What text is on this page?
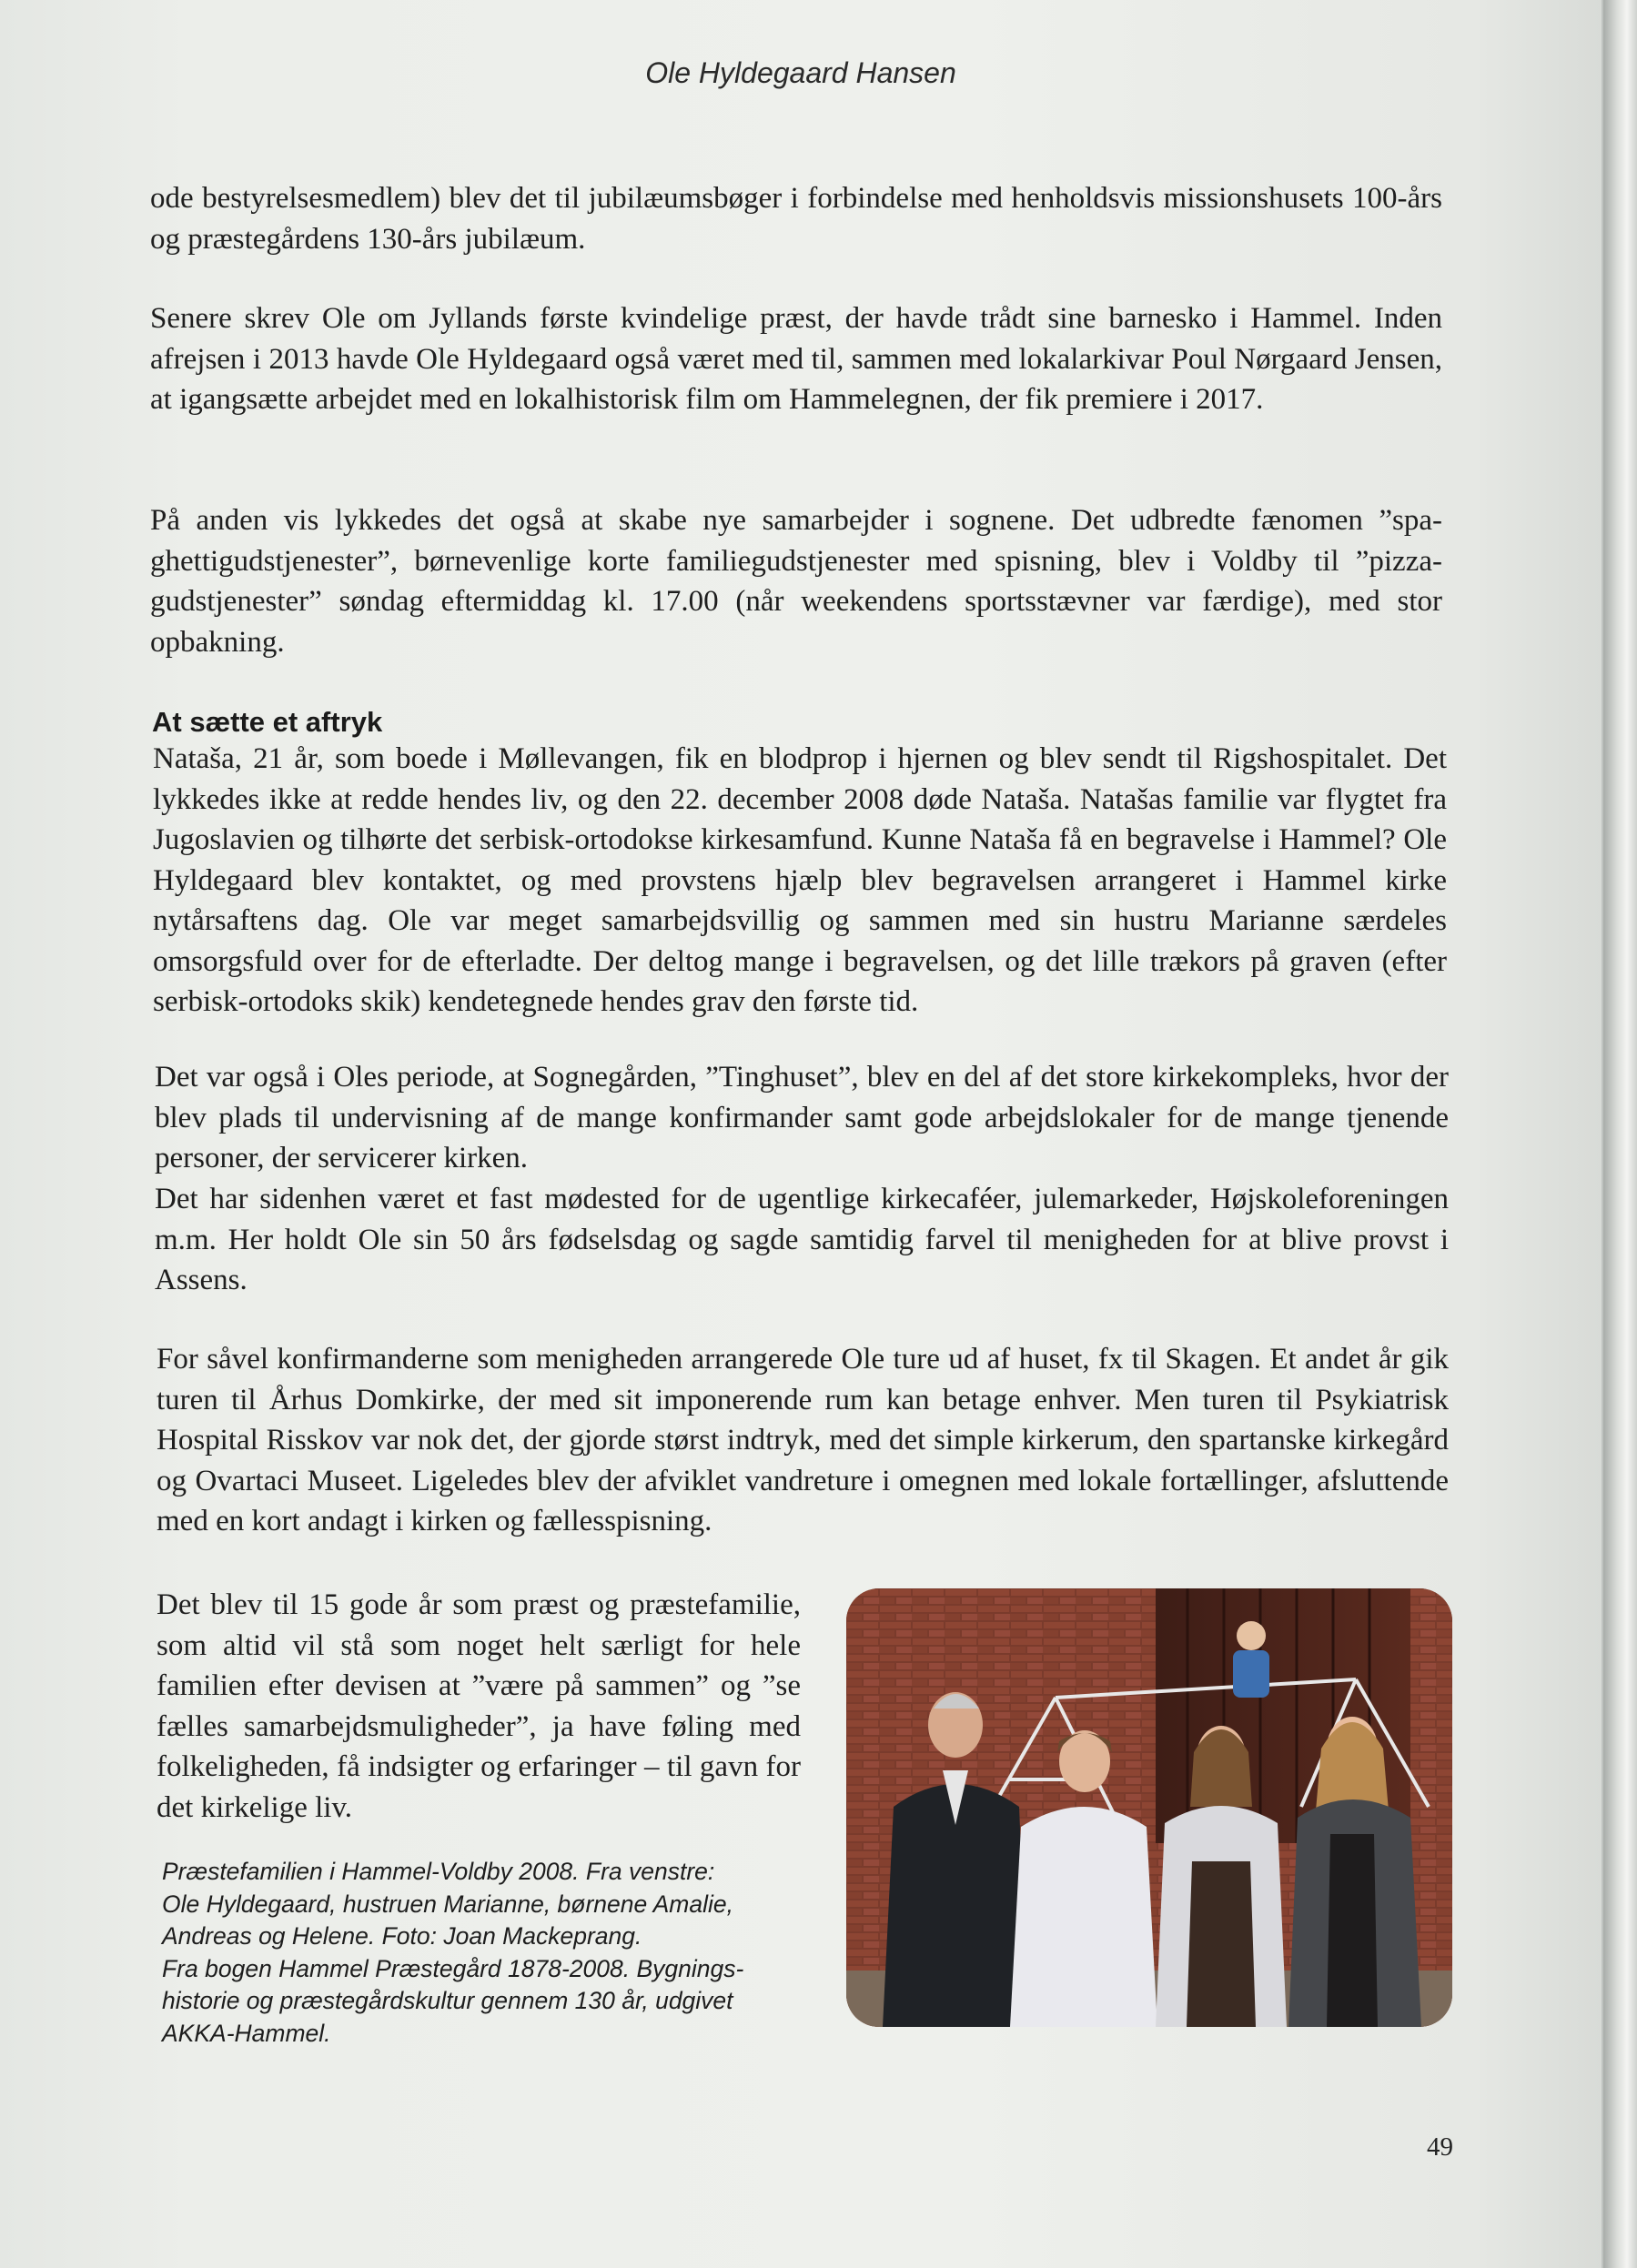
Ole Hyldegaard Hansen

ode bestyrelsesmedlem) blev det til jubilæumsbøger i forbindelse med henholdsvis missionshusets 100-års og præstegårdens 130-års jubilæum.

Senere skrev Ole om Jyllands første kvindelige præst, der havde trådt sine barnesko i Hammel. Inden afrejsen i 2013 havde Ole Hyldegaard også været med til, sammen med lokalarkivar Poul Nørgaard Jensen, at igangsætte arbejdet med en lokalhistorisk film om Hammelegnen, der fik premiere i 2017.

På anden vis lykkedes det også at skabe nye samarbejder i sognene. Det udbredte fænomen ”spaghettigudstjenester”, børnevenlige korte familiegudstjenester med spisning, blev i Voldby til ”pizzagudstjenester” søndag eftermiddag kl. 17.00 (når weekendens sportsstævner var færdige), med stor opbakning.

At sætte et aftryk

Nataša, 21 år, som boede i Møllevangen, fik en blodprop i hjernen og blev sendt til Rigshospitalet. Det lykkedes ikke at redde hendes liv, og den 22. december 2008 døde Nataša. Natašas familie var flygtet fra Jugoslavien og tilhørte det serbisk-ortodokse kirkesamfund. Kunne Nataša få en begravelse i Hammel? Ole Hyldegaard blev kontaktet, og med provstens hjælp blev begravelsen arrangeret i Hammel kirke nytårsaftens dag. Ole var meget samarbejdsvillig og sammen med sin hustru Marianne særdeles omsorgsfuld over for de efterladte. Der deltog mange i begravelsen, og det lille trækors på graven (efter serbisk-ortodoks skik) kendetegnede hendes grav den første tid.

Det var også i Oles periode, at Sognegården, ”Tinghuset”, blev en del af det store kirkekompleks, hvor der blev plads til undervisning af de mange konfirmander samt gode arbejdslokaler for de mange tjenende personer, der servicerer kirken.

Det har sidenhen været et fast mødested for de ugentlige kirkecaféer, julemarkeder, Højskoleforeningen m.m. Her holdt Ole sin 50 års fødselsdag og sagde samtidig farvel til menigheden for at blive provst i Assens.

For såvel konfirmanderne som menigheden arrangerede Ole ture ud af huset, fx til Skagen. Et andet år gik turen til Århus Domkirke, der med sit imponerende rum kan betage enhver. Men turen til Psykiatrisk Hospital Risskov var nok det, der gjorde størst indtryk, med det simple kirkerum, den spartanske kirkegård og Ovartaci Museet. Ligeledes blev der afviklet vandreture i omegnen med lokale fortællinger, afsluttende med en kort andagt i kirken og fællesspisning.

Det blev til 15 gode år som præst og præstefamilie, som altid vil stå som noget helt særligt for hele familien efter devisen at ”være på sammen” og ”se fælles samarbejdsmuligheder”, ja have føling med folkeligheden, få indsigter og erfaringer – til gavn for det kirkelige liv.

Præstefamilien i Hammel-Voldby 2008. Fra venstre:
Ole Hyldegaard, hustruen Marianne, børnene Amalie,
Andreas og Helene. Foto: Joan Mackeprang.
Fra bogen Hammel Præstegård 1878-2008. Bygnings-
historie og præstegårdskultur gennem 130 år, udgivet
AKKA-Hammel.
49
